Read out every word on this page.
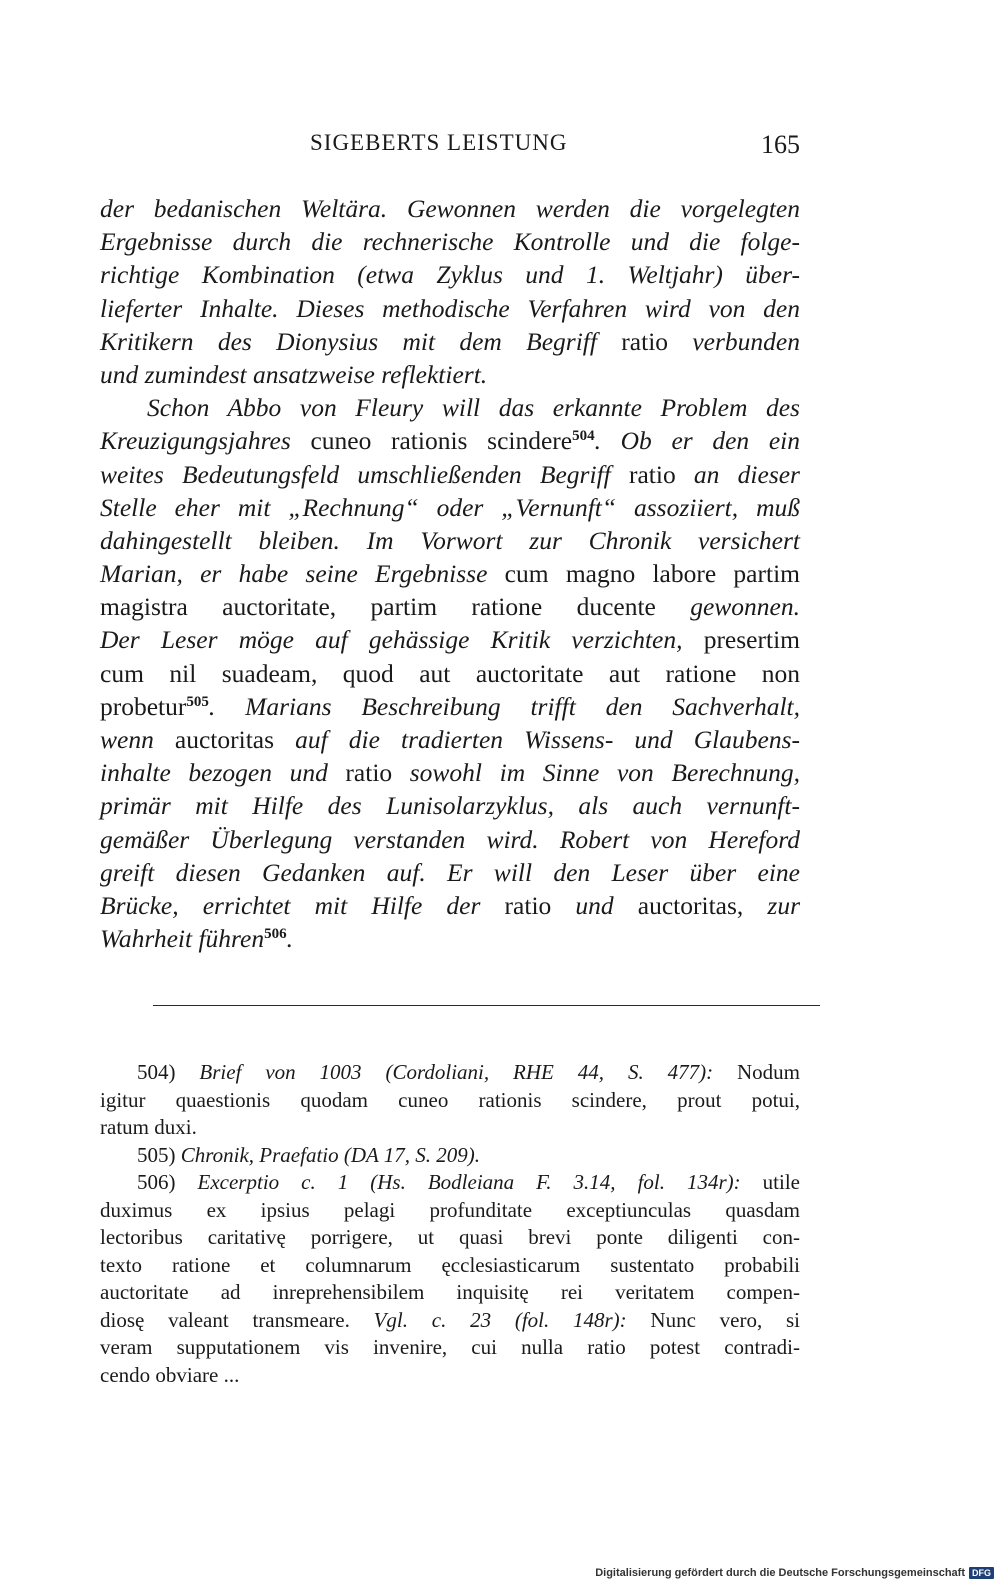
SIGEBERTS LEISTUNG	165
der bedanischen Weltära. Gewonnen werden die vorgelegten
Ergebnisse durch die rechnerische Kontrolle und die folge-
richtige Kombination (etwa Zyklus und 1. Weltjahr) über-
lieferter Inhalte. Dieses methodische Verfahren wird von den
Kritikern des Dionysius mit dem Begriff ratio verbunden
und zumindest ansatzweise reflektiert.
Schon Abbo von Fleury will das erkannte Problem des
Kreuzigungsjahres cuneo rationis scindere$^{504}$. Ob er den ein
weites Bedeutungsfeld umschließenden Begriff ratio an dieser
Stelle eher mit „Rechnung“ oder „Vernunft“ assoziiert, muß
dahingestellt bleiben. Im Vorwort zur Chronik versichert
Marian, er habe seine Ergebnisse cum magno labore partim
magistra auctoritate, partim ratione ducente gewonnen.
Der Leser möge auf gehässige Kritik verzichten, presertim
cum nil suadeam, quod aut auctoritate aut ratione non
probetur$^{505}$. Marians Beschreibung trifft den Sachverhalt,
wenn auctoritas auf die tradierten Wissens- und Glaubens-
inhalte bezogen und ratio sowohl im Sinne von Berechnung,
primär mit Hilfe des Lunisolarzyklus, als auch vernunft-
gemäßer Überlegung verstanden wird. Robert von Hereford
greift diesen Gedanken auf. Er will den Leser über eine
Brücke, errichtet mit Hilfe der ratio und auctoritas, zur
Wahrheit führen$^{506}$.
504) Brief von 1003 (Cordoliani, RHE 44, S. 477): Nodum
igitur quaestionis quodam cuneo rationis scindere, prout potui,
ratum duxi.
505) Chronik, Praefatio (DA 17, S. 209).
506) Excerptio c. 1 (Hs. Bodleiana F. 3.14, fol. 134r): utile
duximus ex ipsius pelagi profunditate exceptiunculas quasdam
lectoribus caritativę porrigere, ut quasi brevi ponte diligenti con-
texto ratione et columnarum ęcclesiasticarum sustentato probabili
auctoritate ad inreprehensibilem inquisitę rei veritatem compen-
diosę valeant transmeare. Vgl. c. 23 (fol. 148r): Nunc vero, si
veram supputationem vis invenire, cui nulla ratio potest contradi-
cendo obviare ...
Digitalisierung gefördert durch die Deutsche Forschungsgemeinschaft DFG
